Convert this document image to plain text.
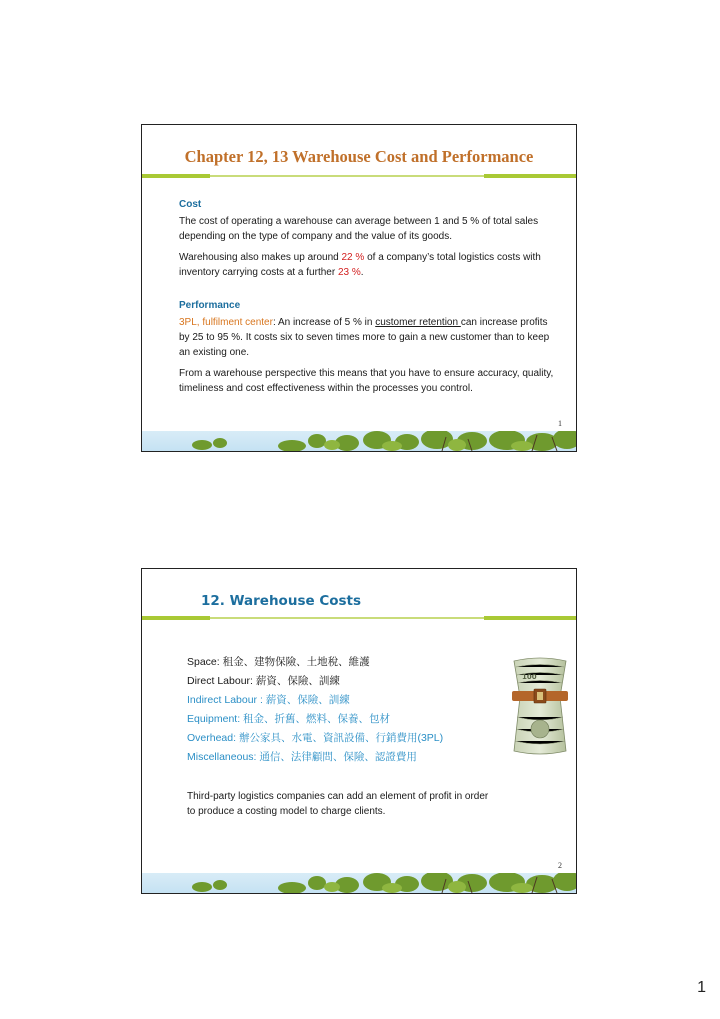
Chapter 12, 13 Warehouse Cost and Performance

Cost

The cost of operating a warehouse can average between 1 and 5 % of total sales depending on the type of company and the value of its goods.

Warehousing also makes up around 22 % of a company’s total logistics costs with inventory carrying costs at a further 23 %.

Performance

3PL, fulfilment center: An increase of 5 % in customer retention can increase profits by 25 to 95 %. It costs six to seven times more to gain a new customer than to keep an existing one.

From a warehouse perspective this means that you have to ensure accuracy, quality, timeliness and cost effectiveness within the processes you control.

1
12. Warehouse Costs
Space: 租金、建物保險、土地稅、維護
Direct Labour: 薪資、保險、訓練
Indirect Labour : 薪資、保險、訓練
Equipment: 租金、折舊、燃料、保養、包材
Overhead: 辦公家具、水電、資訊設備、行銷費用(3PL)
Miscellaneous: 通信、法律顧問、保險、認證費用
Third-party logistics companies can add an element of profit in order to produce a costing model to charge clients.
100
2
1
